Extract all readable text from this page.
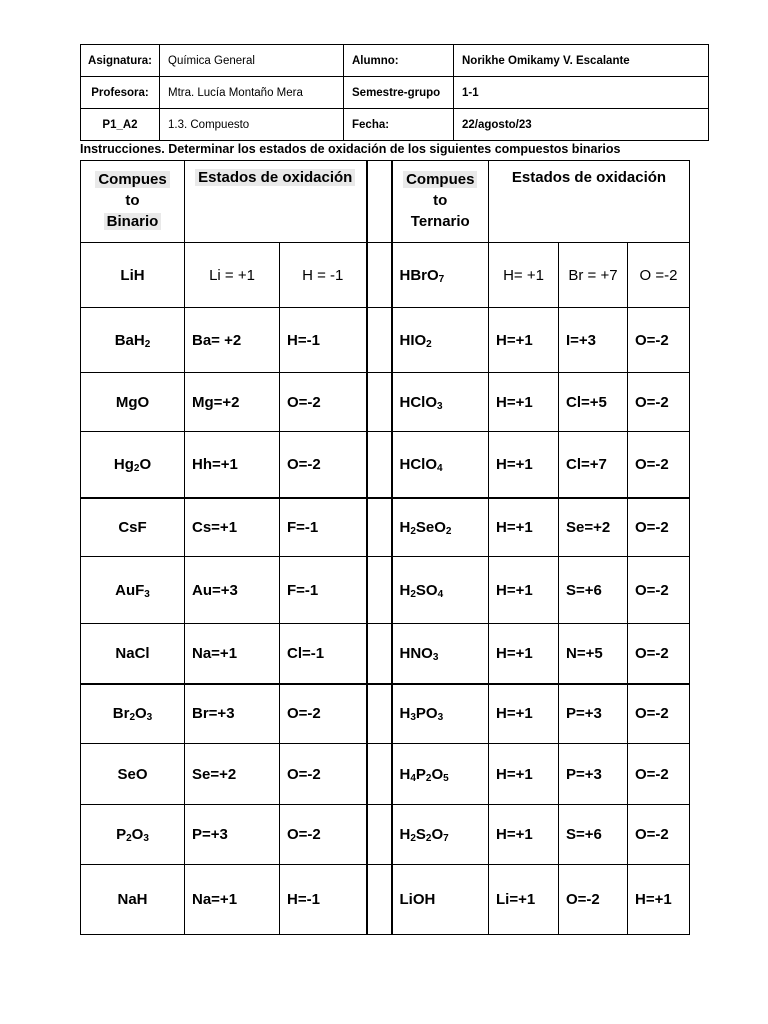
Asignatura:	Química General	Alumno:	Norikhe Omikamy V. Escalante
Profesora:	Mtra. Lucía Montaño Mera	Semestre-grupo	1-1
P1_A2	1.3. Compuesto	Fecha:	22/agosto/23
Instrucciones. Determinar los estados de oxidación de los siguientes compuestos binarios
Compues
to
Binario	Estados de oxidación			Compues
to
Ternario	Estados de oxidación		
LiH	Li = +1	H = -1		HBrO$_7$	H= +1	Br = +7	O =-2
BaH$_2$	Ba= +2	H=-1		$HIO_2$	H=+1	I=+3	O=-2
MgO	Mg=+2	O=-2		HClO$_3$	H=+1	Cl=+5	O=-2
$Hg_2O$	Hh=+1	O=-2		HClO$_4$	H=+1	Cl=+7	O=-2
CsF	Cs=+1	F=-1		$H_2SeO_2$	H=+1	Se=+2	O=-2
AuF$_3$	Au=+3	F=-1		$H_2SO_4$	H=+1	S=+6	O=-2
NaCl	Na=+1	Cl=-1		$HNO_3$	H=+1	N=+5	O=-2
$Br_2O_3$	Br=+3	O=-2		$H_3PO_3$	H=+1	P=+3	O=-2
SeO	Se=+2	O=-2		$H_4P_2O_5$	H=+1	P=+3	O=-2
$P_2O_3$	P=+3	O=-2		$H_2S_2O_7$	H=+1	S=+6	O=-2
NaH	Na=+1	H=-1		LiOH	Li=+1	O=-2	H=+1
